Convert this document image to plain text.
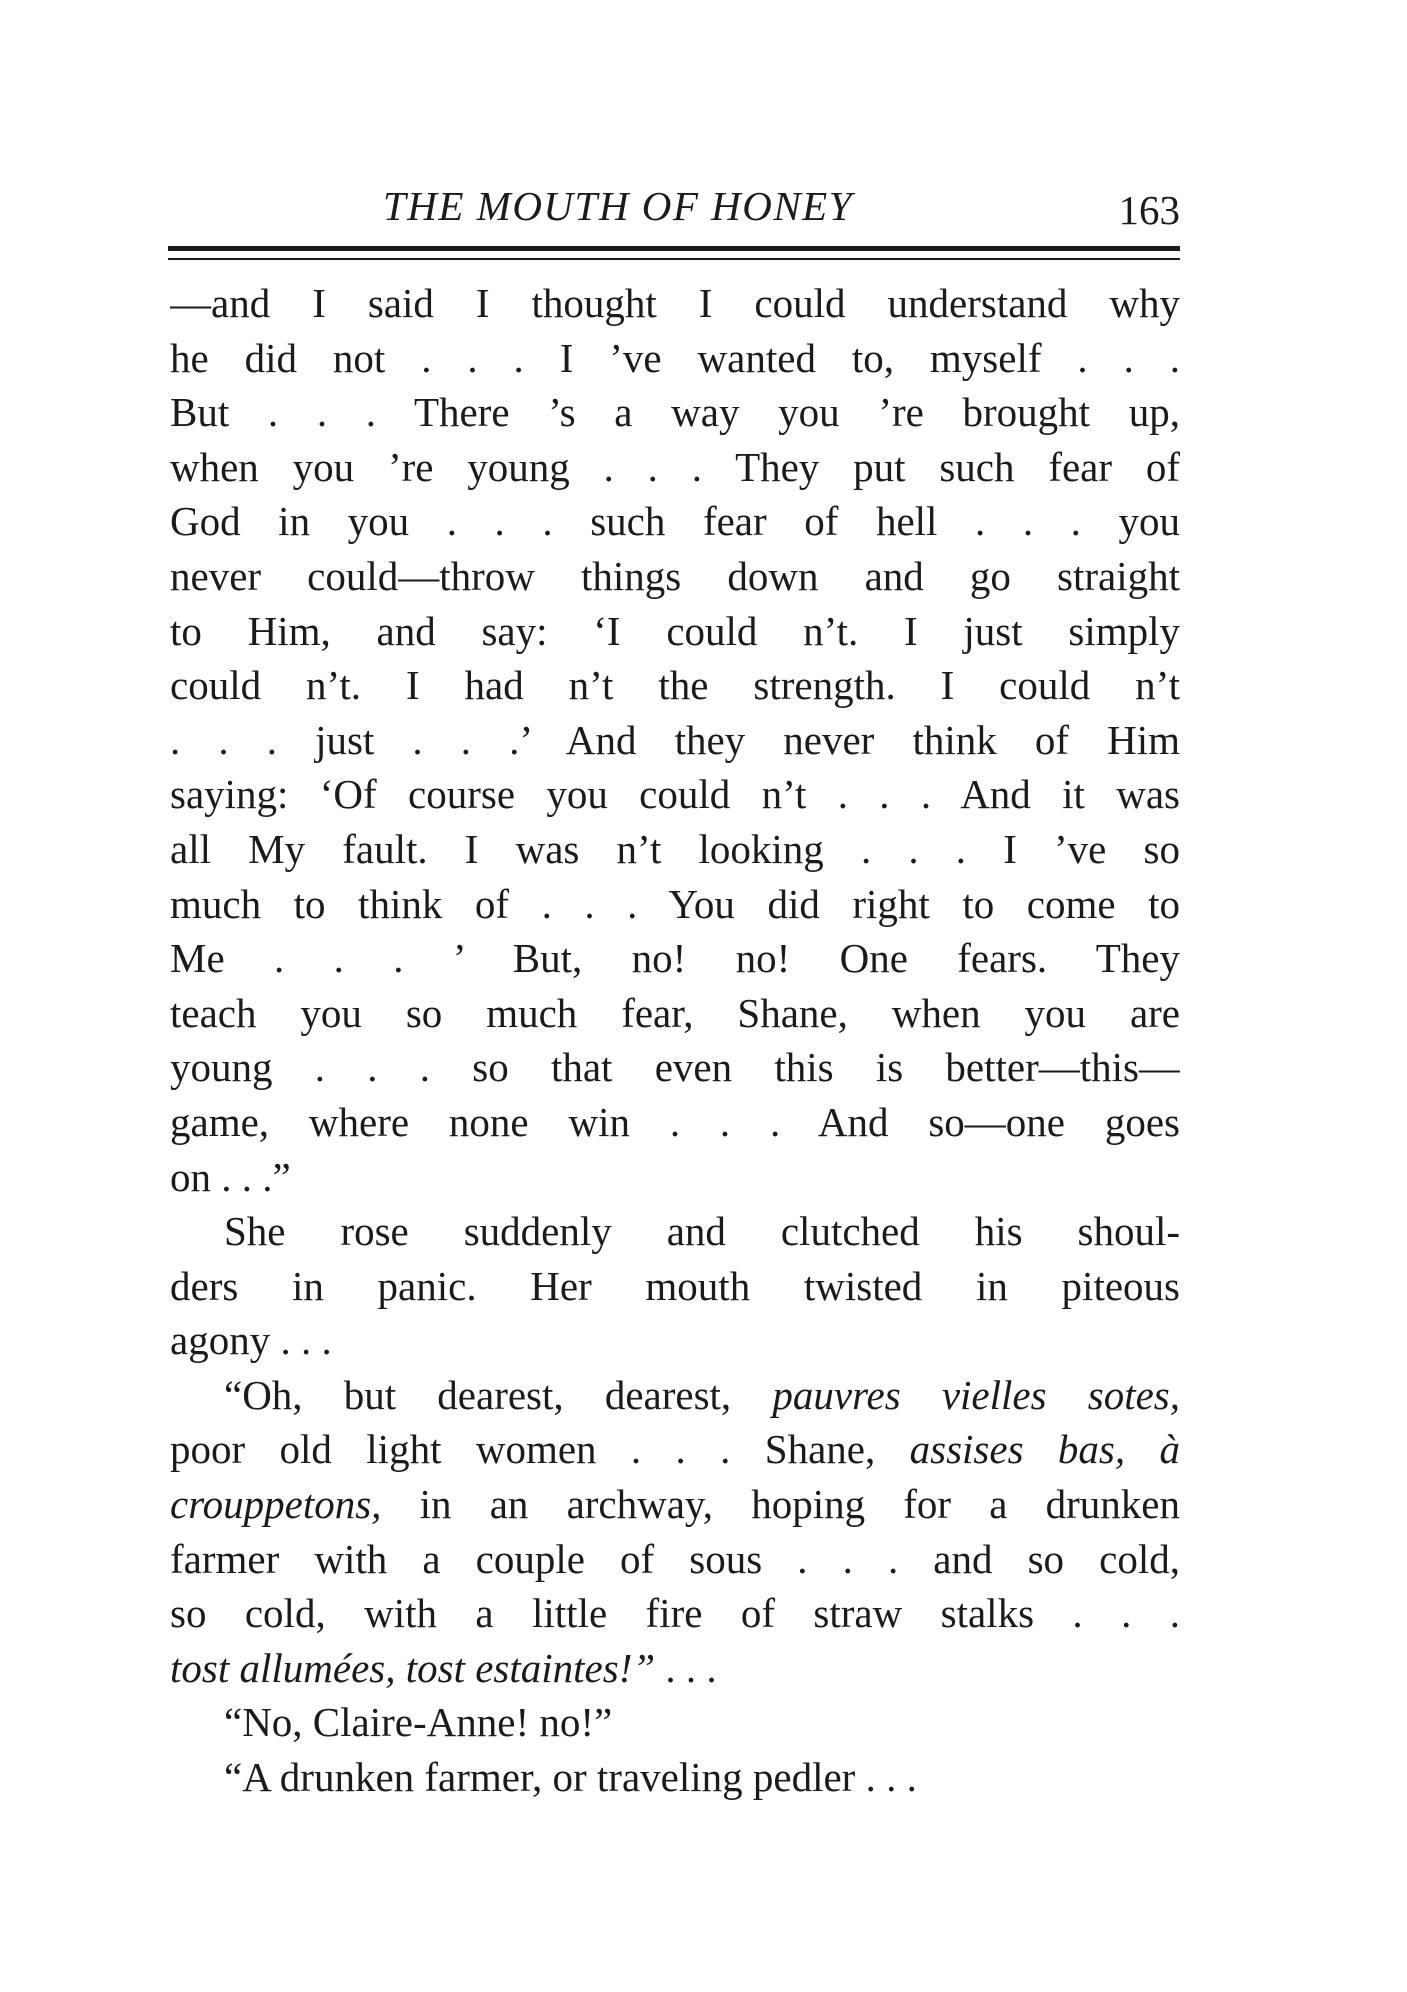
THE MOUTH OF HONEY	163
—and I said I thought I could understand why
he did not . . . I ’ve wanted to, myself . . .
But . . . There ’s a way you ’re brought up,
when you ’re young . . . They put such fear of
God in you . . . such fear of hell . . . you
never could—throw things down and go straight
to Him, and say: ‘I could n’t. I just simply
could n’t. I had n’t the strength. I could n’t
. . . just . . .’ And they never think of Him
saying: ‘Of course you could n’t . . . And it was
all My fault. I was n’t looking . . . I ’ve so
much to think of . . . You did right to come to
Me . . . ’ But, no! no! One fears. They
teach you so much fear, Shane, when you are
young . . . so that even this is better—this—
game, where none win . . . And so—one goes
on . . .”
She rose suddenly and clutched his shoul-
ders in panic. Her mouth twisted in piteous
agony . . .
“Oh, but dearest, dearest, pauvres vielles sotes,
poor old light women . . . Shane, assises bas, à
crouppetons, in an archway, hoping for a drunken
farmer with a couple of sous . . . and so cold,
so cold, with a little fire of straw stalks . . .
tost allumées, tost estaintes!” . . .
“No, Claire-Anne! no!”
“A drunken farmer, or traveling pedler . . .
